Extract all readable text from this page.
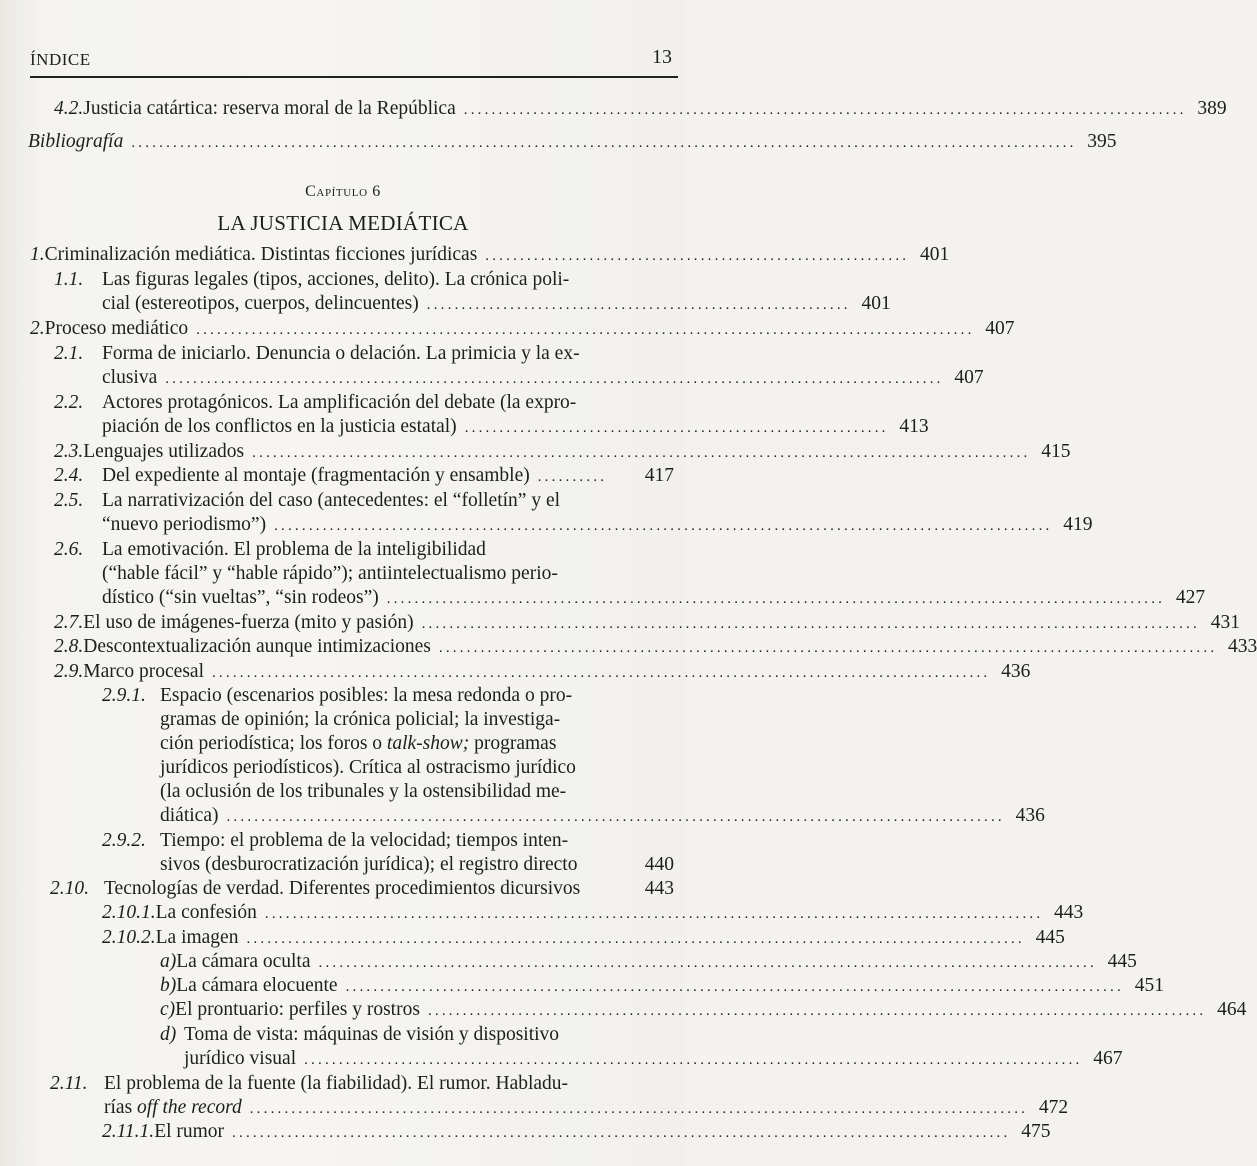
ÍNDICE	13
4.2. Justicia catártica: reserva moral de la República ........................................................................................................ 389
Bibliografía ........................................................................................................................................ 395
Capítulo 6
LA JUSTICIA MEDIÁTICA
1. Criminalización mediática. Distintas ficciones jurídicas ............................................................. 401
1.1. Las figuras legales (tipos, acciones, delito). La crónica poli-
cial (estereotipos, cuerpos, delincuentes) ............................................................. 401
2. Proceso mediático ................................................................................................................ 407
2.1. Forma de iniciarlo. Denuncia o delación. La primicia y la ex-
clusiva ................................................................................................................ 407
2.2. Actores protagónicos. La amplificación del debate (la expro-
piación de los conflictos en la justicia estatal) ............................................................. 413
2.3. Lenguajes utilizados ................................................................................................................ 415
2.4. Del expediente al montaje (fragmentación y ensamble) ..........	417
2.5. La narrativización del caso (antecedentes: el “folletín” y el
“nuevo periodismo”) ................................................................................................................ 419
2.6. La emotivación. El problema de la inteligibilidad
(“hable fácil” y “hable rápido”); antiintelectualismo perio-
dístico (“sin vueltas”, “sin rodeos”) ................................................................................................................ 427
2.7. El uso de imágenes-fuerza (mito y pasión) ................................................................................................................ 431
2.8. Descontextualización aunque intimizaciones ................................................................................................................ 433
2.9. Marco procesal ................................................................................................................ 436
2.9.1. Espacio (escenarios posibles: la mesa redonda o pro-
gramas de opinión; la crónica policial; la investiga-
ción periodística; los foros o
talk-show;
programas
jurídicos periodísticos). Crítica al ostracismo jurídico
(la oclusión de los tribunales y la ostensibilidad me-
diática) ................................................................................................................ 436
2.9.2. Tiempo: el problema de la velocidad; tiempos inten-
sivos (desburocratización jurídica); el registro directo	440
2.10. Tecnologías de verdad. Diferentes procedimientos dicursivos	443
2.10.1. La confesión ................................................................................................................ 443
2.10.2. La imagen ................................................................................................................ 445
a) La cámara oculta ................................................................................................................ 445
b) La cámara elocuente ................................................................................................................ 451
c) El prontuario: perfiles y rostros ................................................................................................................ 464
d) Toma de vista: máquinas de visión y dispositivo
jurídico visual ................................................................................................................ 467
2.11. El problema de la fuente (la fiabilidad). El rumor. Habladu-
rías
off the record ................................................................................................................ 472
2.11.1. El rumor ................................................................................................................ 475
